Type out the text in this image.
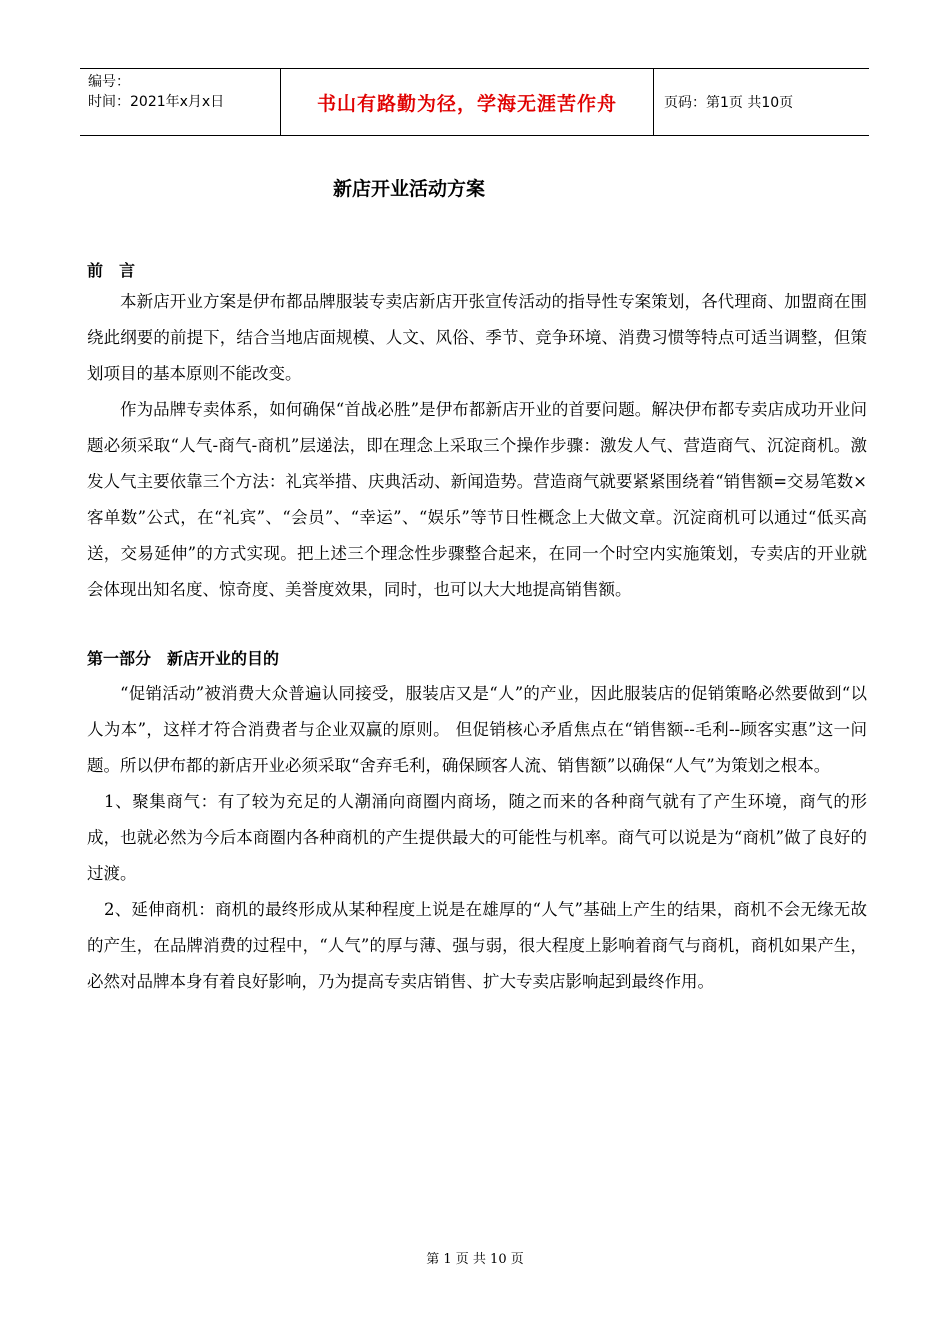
编号：
时间：2021年x月x日	书山有路勤为径，学海无涯苦作舟	页码：第1页 共10页
新店开业活动方案

前言

本新店开业方案是伊布都品牌服装专卖店新店开张宣传活动的指导性专案策划，各代理商、加盟商在围绕此纲要的前提下，结合当地店面规模、人文、风俗、季节、竞争环境、消费习惯等特点可适当调整，但策划项目的基本原则不能改变。

作为品牌专卖体系，如何确保“首战必胜”是伊布都新店开业的首要问题。解决伊布都专卖店成功开业问题必须采取“人气-商气-商机”层递法，即在理念上采取三个操作步骤：激发人气、营造商气、沉淀商机。激发人气主要依靠三个方法：礼宾举措、庆典活动、新闻造势。营造商气就要紧紧围绕着“销售额=交易笔数×客单数”公式，在“礼宾”、“会员”、“幸运”、“娱乐”等节日性概念上大做文章。沉淀商机可以通过“低买高送，交易延伸”的方式实现。把上述三个理念性步骤整合起来，在同一个时空内实施策划，专卖店的开业就会体现出知名度、惊奇度、美誉度效果，同时，也可以大大地提高销售额。

第一部分　新店开业的目的

“促销活动”被消费大众普遍认同接受，服装店又是“人”的产业，因此服装店的促销策略必然要做到“以人为本”，这样才符合消费者与企业双赢的原则。 但促销核心矛盾焦点在“销售额--毛利--顾客实惠”这一问题。所以伊布都的新店开业必须采取“舍弃毛利，确保顾客人流、销售额”以确保“人气”为策划之根本。

1、聚集商气：有了较为充足的人潮涌向商圈内商场，随之而来的各种商气就有了产生环境，商气的形成，也就必然为今后本商圈内各种商机的产生提供最大的可能性与机率。商气可以说是为“商机”做了良好的过渡。

2、延伸商机：商机的最终形成从某种程度上说是在雄厚的“人气”基础上产生的结果，商机不会无缘无故的产生，在品牌消费的过程中，“人气”的厚与薄、强与弱，很大程度上影响着商气与商机，商机如果产生，必然对品牌本身有着良好影响，乃为提高专卖店销售、扩大专卖店影响起到最终作用。

第 1 页 共 10 页
